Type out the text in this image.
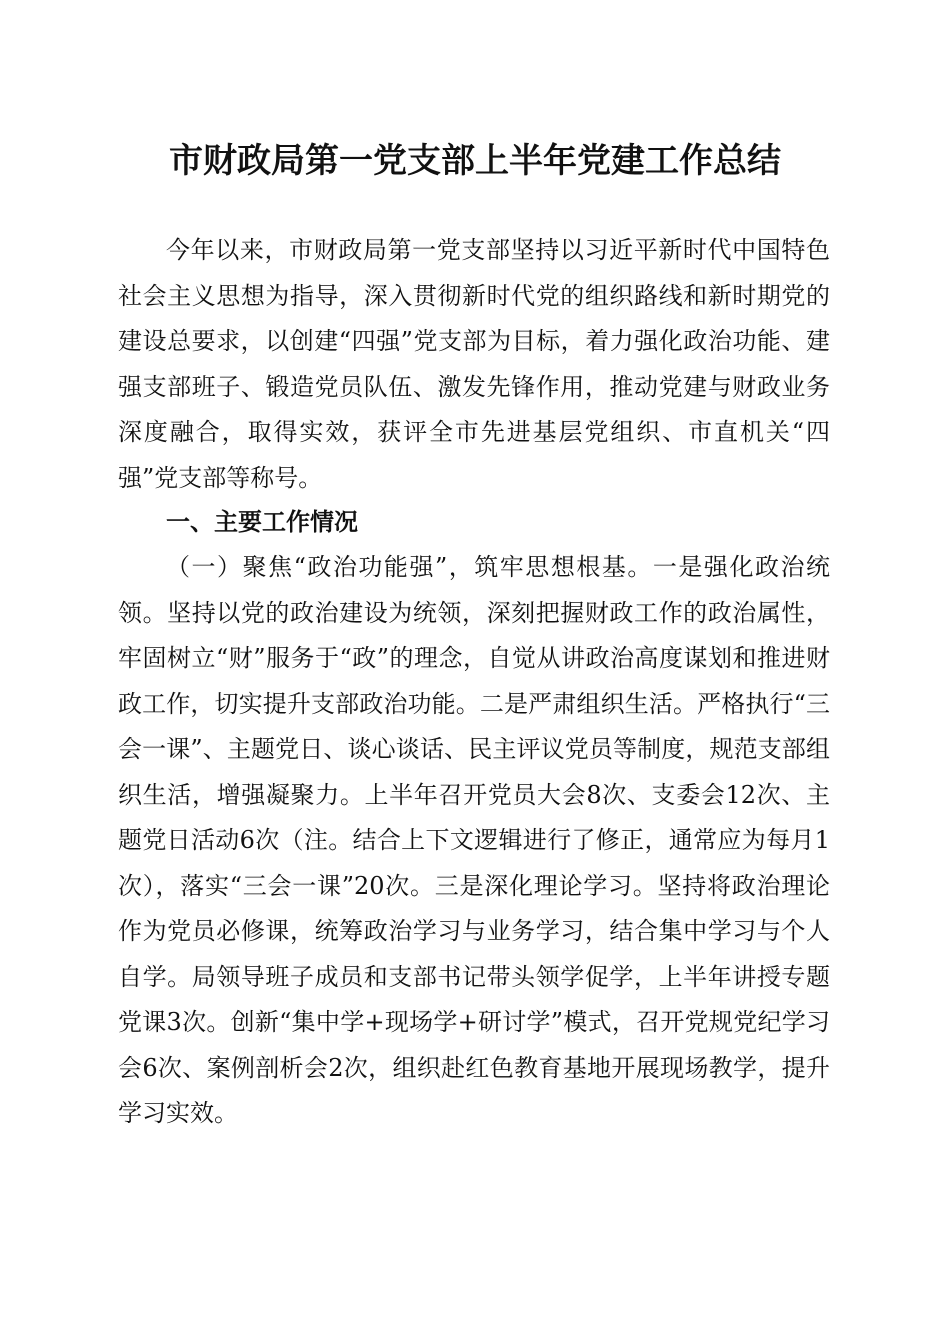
市财政局第一党支部上半年党建工作总结

今年以来，市财政局第一党支部坚持以习近平新时代中国特色社会主义思想为指导，深入贯彻新时代党的组织路线和新时期党的建设总要求，以创建“四强”党支部为目标，着力强化政治功能、建强支部班子、锻造党员队伍、激发先锋作用，推动党建与财政业务深度融合，取得实效，获评全市先进基层党组织、市直机关“四强”党支部等称号。

一、主要工作情况

（一）聚焦“政治功能强”，筑牢思想根基。一是强化政治统领。坚持以党的政治建设为统领，深刻把握财政工作的政治属性，牢固树立“财”服务于“政”的理念，自觉从讲政治高度谋划和推进财政工作，切实提升支部政治功能。二是严肃组织生活。严格执行“三会一课”、主题党日、谈心谈话、民主评议党员等制度，规范支部组织生活，增强凝聚力。上半年召开党员大会8次、支委会12次、主题党日活动6次（注。结合上下文逻辑进行了修正，通常应为每月1次），落实“三会一课”20次。三是深化理论学习。坚持将政治理论作为党员必修课，统筹政治学习与业务学习，结合集中学习与个人自学。局领导班子成员和支部书记带头领学促学，上半年讲授专题党课3次。创新“集中学+现场学+研讨学”模式，召开党规党纪学习会6次、案例剖析会2次，组织赴红色教育基地开展现场教学，提升学习实效。
